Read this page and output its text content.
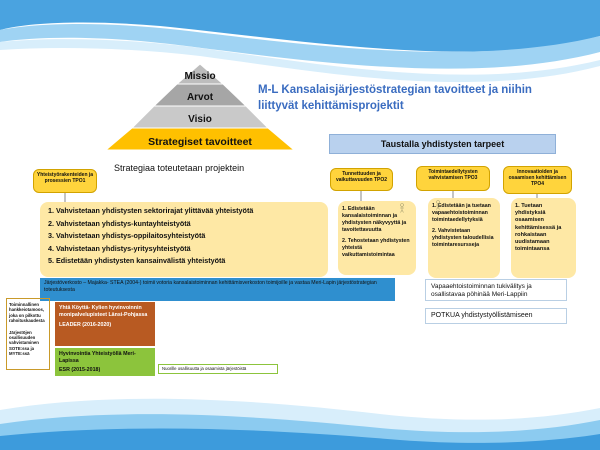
Missio
Arvot
Visio
Strategiset tavoitteet
M-L Kansalaisjärjestöstrategian tavoitteet ja niihin
liittyvät kehittämisprojektit
Taustalla yhdistysten tarpeet
Strategiaa toteutetaan projektein
Yhteistyörakenteiden ja prosessien TPO1
Tunnettuuden ja vaikuttavuuden TPO2
Toimintaedellytysten vahvistamisen TPO3
Innovaatioiden ja osaamisen kehittämisen TPO4
1. Vahvistetaan yhdistysten sektorirajat ylittävää yhteistyötä
2. Vahvistetaan yhdistys-kuntayhteistyötä
3. Vahvistetaan yhdistys-oppilaitosyhteistyötä
4. Vahvistetaan yhdistys-yritysyhteistyötä
5. Edistetään yhdistysten kansainvälistä yhteistyötä
1. Edistetään kansalaistoiminnan ja yhdistysten näkyvyyttä ja tavoitettavuutta
2. Tehostetaan yhdistysten yhteistä vaikuttamistoimintaa
1. Edistetään ja tuetaan vapaaehtoistoiminnan toimintaedellytyksiä
2. Vahvistetaan yhdistysten taloudellisia toimintaresursseja
1. Tuetaan yhdistyksiä osaamisen kehittämisessä ja rohkaistaan uudistamaan toimintaansa
Järjestöverkosto – Majakka- STEA (2004-) toimii votoria kansalaistoiminnan kehittämisverkoston toimijoille ja vastaa Meri-Lapin järjestöstrategian toteutuksesta	Vapaaehtoistoiminnan tukivälitys ja osallistavaa pöhinää Meri-Lappiin
POTKUA yhdistystyöllistämiseen
Toiminnallinen hankkeiotamoos, joka on pilkottu rahoituskaudesta
Järjestöjen osallisuuden vahvistaminen SOTE:ssa ja MYTE:ssä
Yhtä Köyttä- Kylien hyvinvoinnin monipalvelupisteet Länsi-Pohjassa
LEADER (2016-2020)
Hyvinvointia Yhteistyöllä Meri-Lapissa
ESR (2015-2018)	Nuorille osallisuutta ja osaamista järjestöistä
